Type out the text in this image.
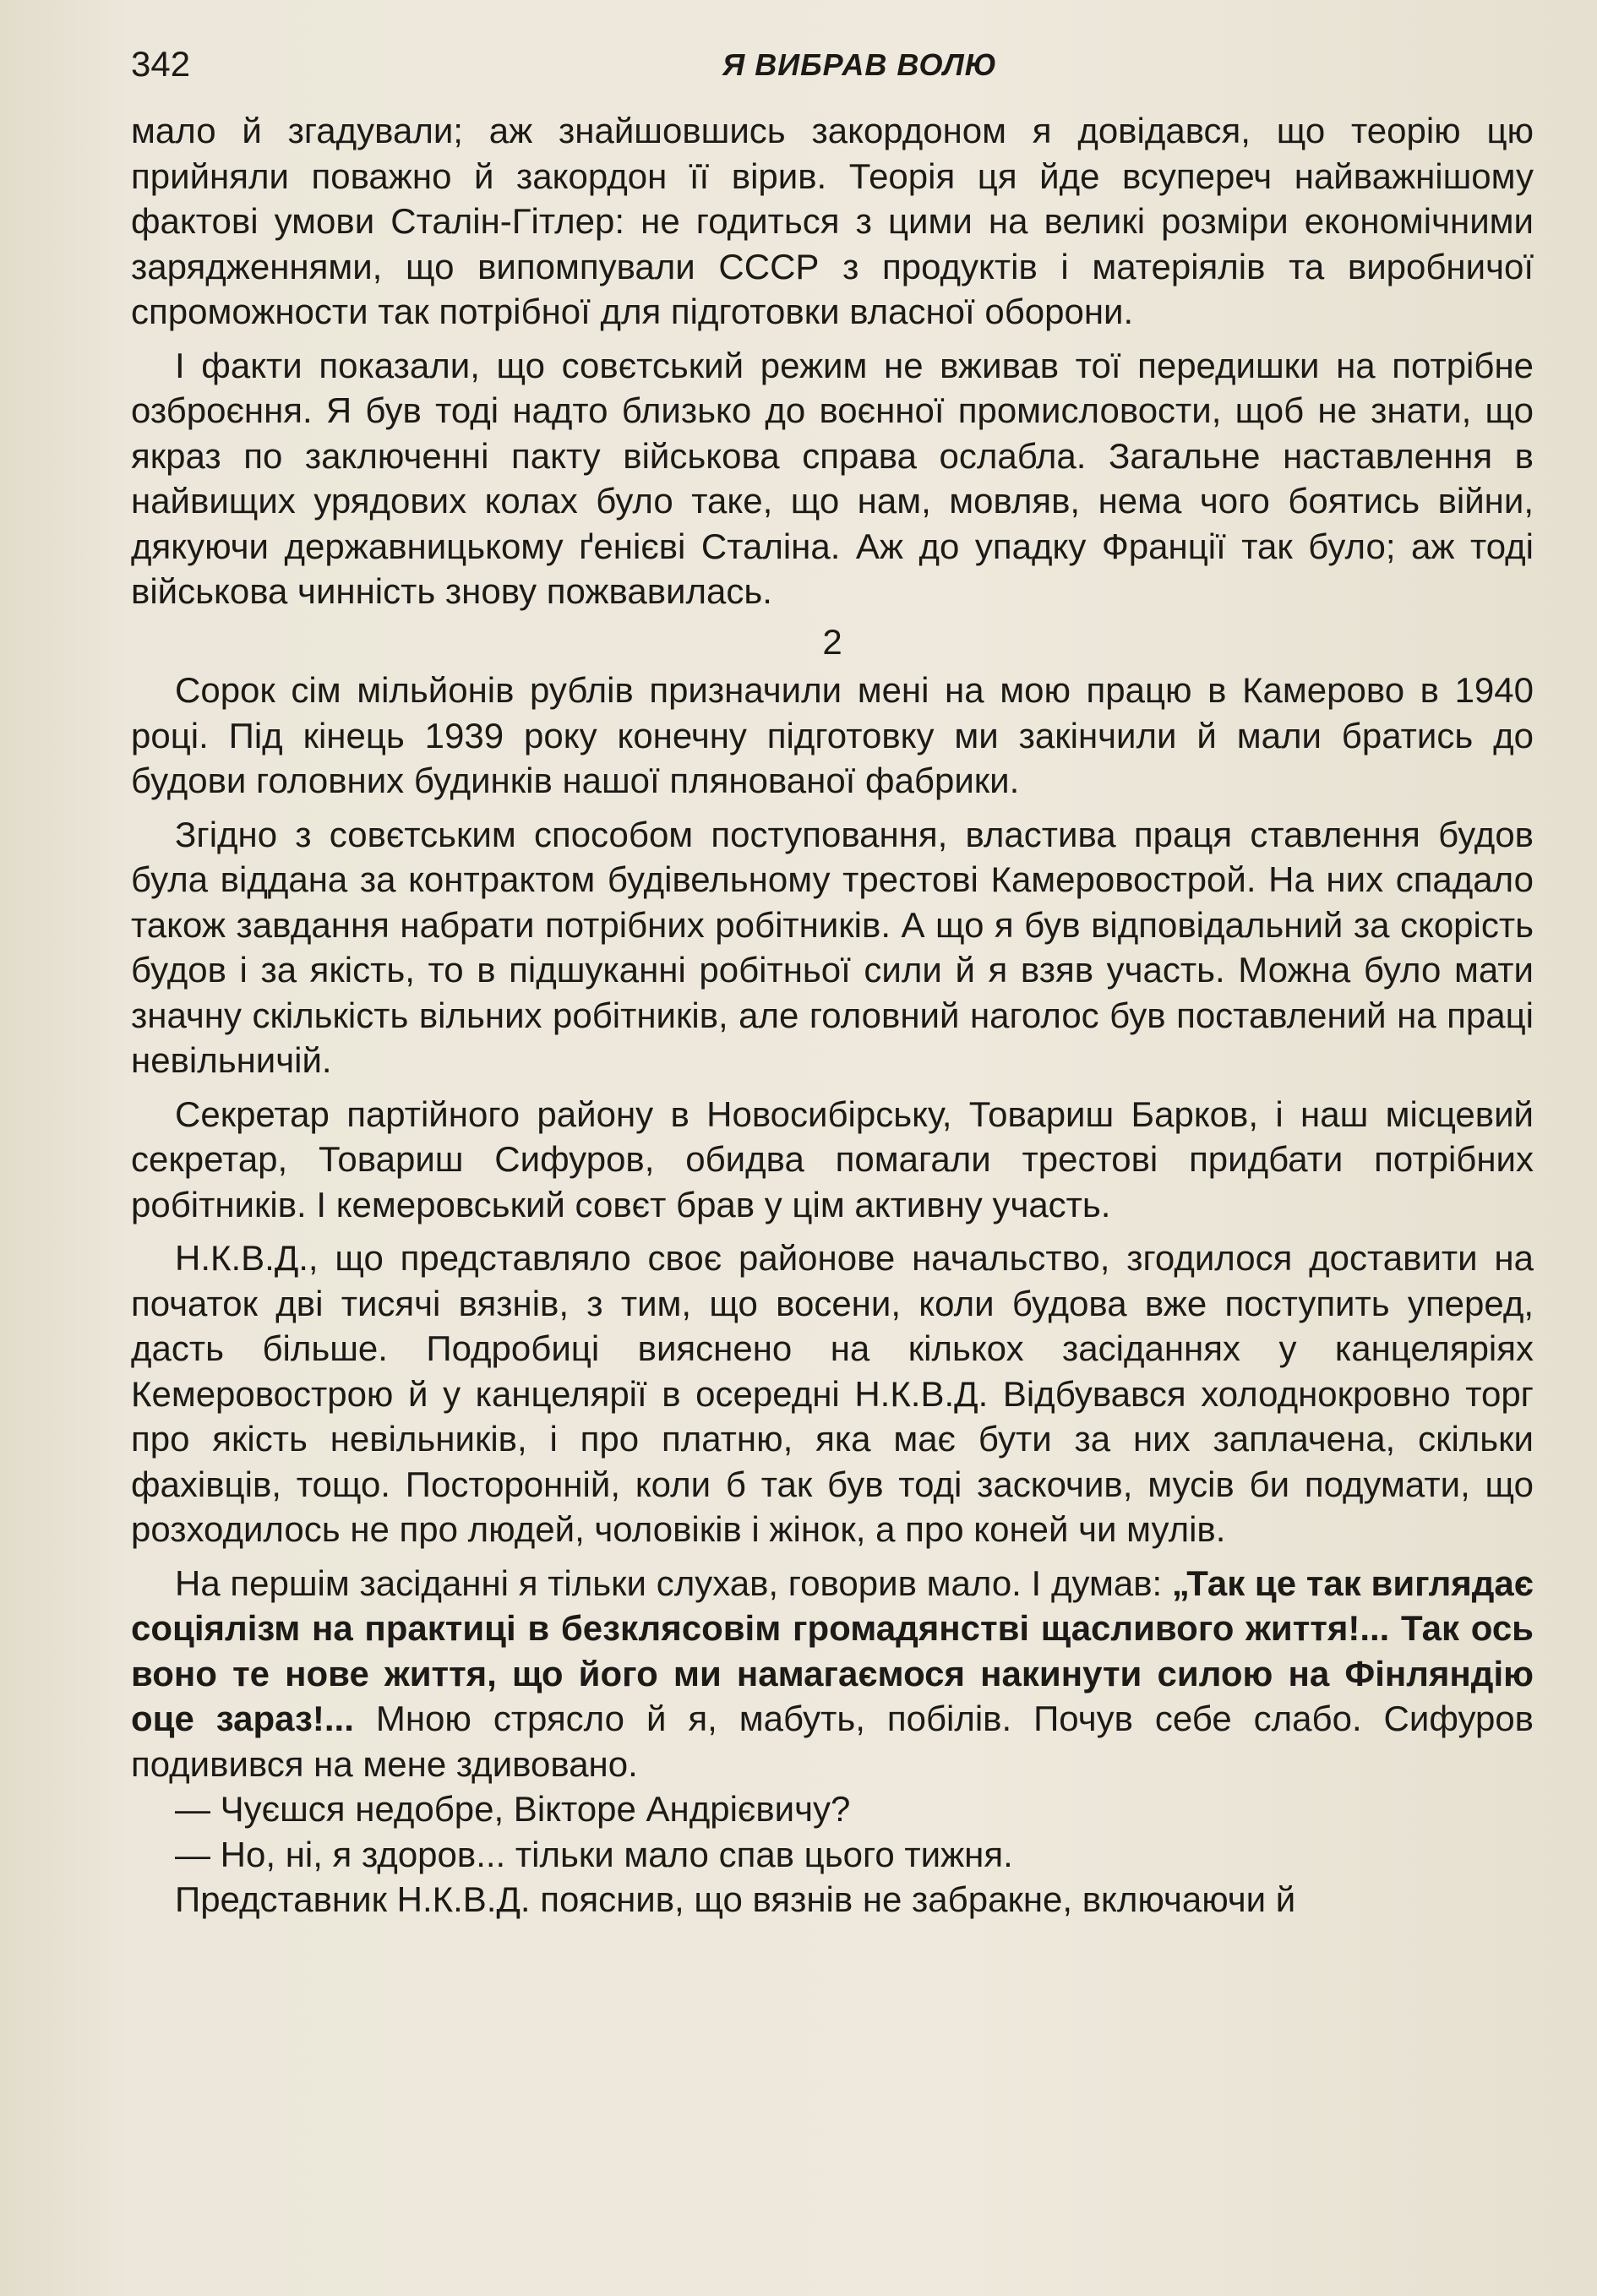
342	Я ВИБРАВ ВОЛЮ

мало й згадували; аж знайшовшись закордоном я довідався, що теорію цю прийняли поважно й закордон її вірив. Теорія ця йде всупереч найважнішому фактові умови Сталін-Гітлер: не годиться з цими на великі розміри економічними зарядженнями, що випомпували СССР з продуктів і матеріялів та виробничої спроможности так потрібної для підготовки власної оборони.

І факти показали, що совєтський режим не вживав тої передишки на потрібне озброєння. Я був тоді надто близько до воєнної промисловости, щоб не знати, що якраз по заключенні пакту військова справа ослабла. Загальне наставлення в найвищих урядових колах було таке, що нам, мовляв, нема чого боятись війни, дякуючи державницькому ґенієві Сталіна. Аж до упадку Франції так було; аж тоді військова чинність знову пожвавилась.

2

Сорок сім мільйонів рублів призначили мені на мою працю в Камерово в 1940 році. Під кінець 1939 року конечну підготовку ми закінчили й мали братись до будови головних будинків нашої плянованої фабрики.

Згідно з совєтським способом поступовання, властива праця ставлення будов була віддана за контрактом будівельному трестові Камеровострой. На них спадало також завдання набрати потрібних робітників. А що я був відповідальний за скорість будов і за якість, то в підшуканні робітньої сили й я взяв участь. Можна було мати значну скількість вільних робітників, але головний наголос був поставлений на праці невільничій.

Секретар партійного району в Новосибірську, Товариш Барков, і наш місцевий секретар, Товариш Сифуров, обидва помагали трестові придбати потрібних робітників. І кемеровський совєт брав у цім активну участь.

Н.К.В.Д., що представляло своє районове начальство, згодилося доставити на початок дві тисячі вязнів, з тим, що восени, коли будова вже поступить уперед, дасть більше. Подробиці вияснено на кількох засіданнях у канцеляріях Кемеровострою й у канцелярії в осередні Н.К.В.Д. Відбувався холоднокровно торг про якість невільників, і про платню, яка має бути за них заплачена, скільки фахівців, тощо. Посторонній, коли б так був тоді заскочив, мусів би подумати, що розходилось не про людей, чоловіків і жінок, а про коней чи мулів.

На першім засіданні я тільки слухав, говорив мало. І думав: „Так це так виглядає соціялізм на практиці в безклясовім громадянстві щасливого життя!... Так ось воно те нове життя, що його ми намагаємося накинути силою на Фінляндію оце зараз!... Мною стрясло й я, мабуть, побілів. Почув себе слабо. Сифуров подивився на мене здивовано.

— Чуєшся недобре, Вікторе Андрієвичу?

— Но, ні, я здоров... тільки мало спав цього тижня.

Представник Н.К.В.Д. пояснив, що вязнів не забракне, включаючи й
